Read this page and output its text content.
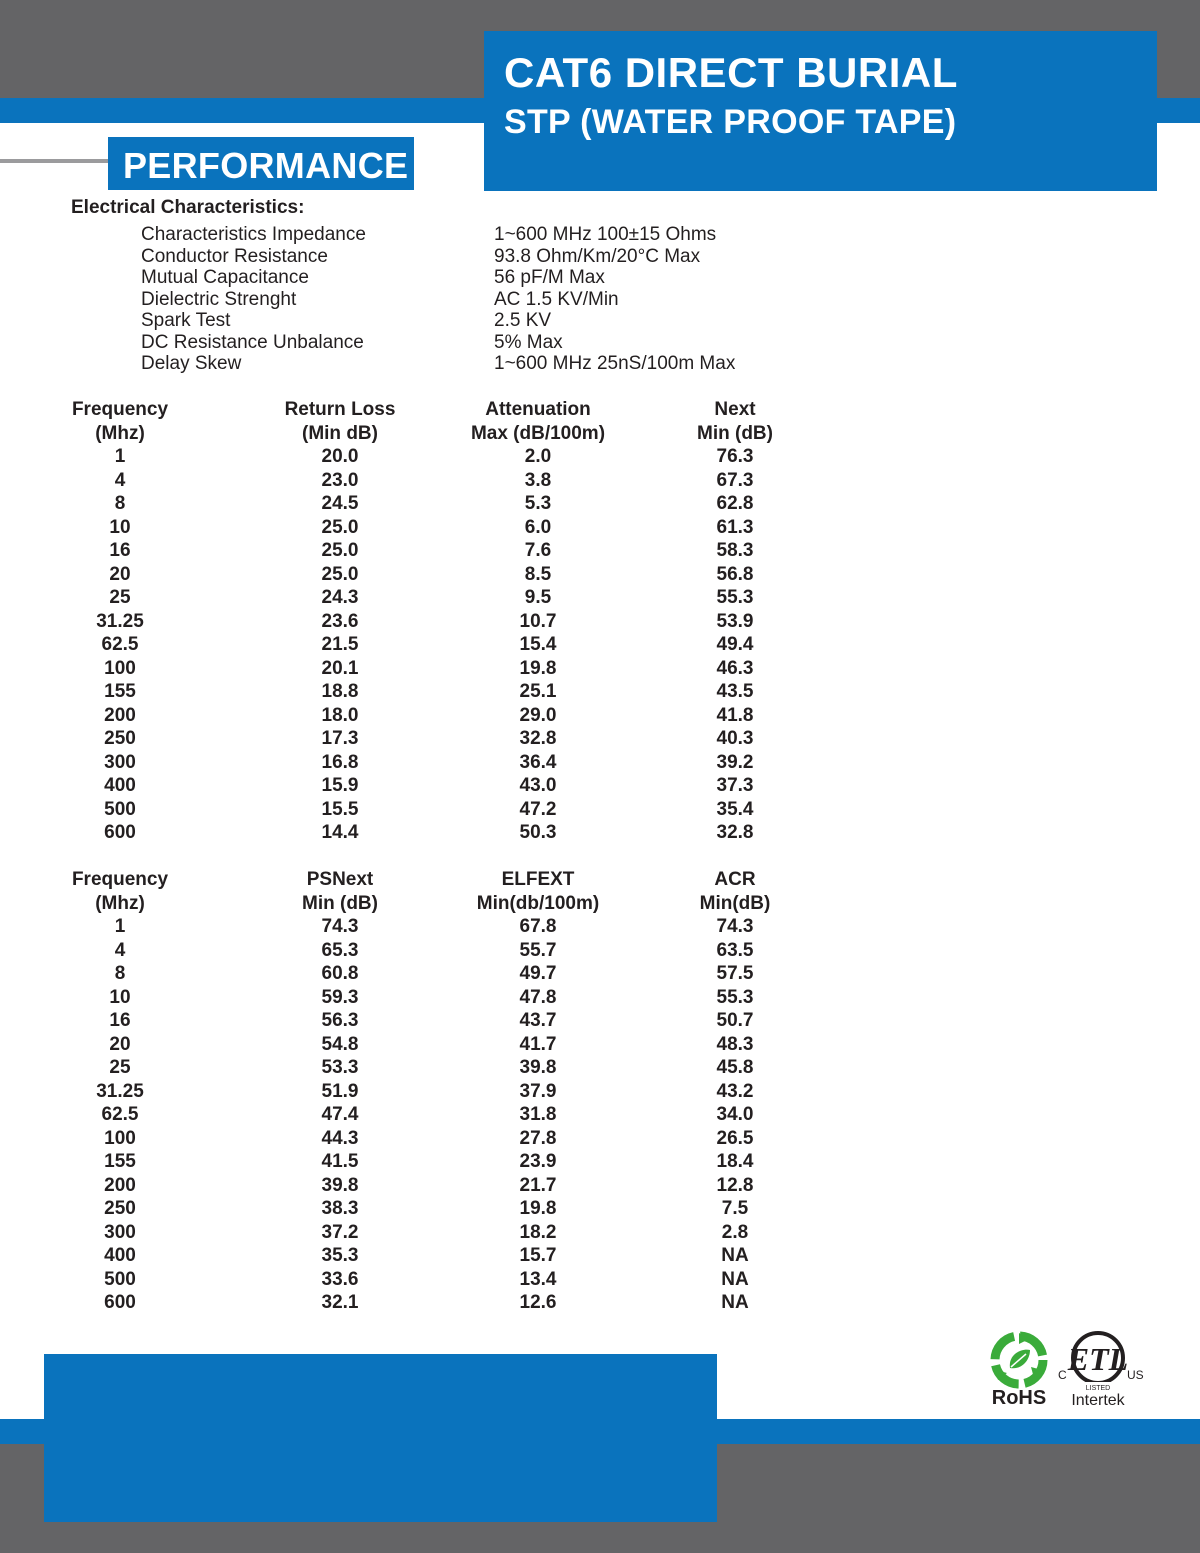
CAT6 DIRECT BURIAL
STP (WATER PROOF TAPE)
PERFORMANCE
Electrical Characteristics:
Characteristics Impedance	1~600 MHz 100±15 Ohms
Conductor Resistance	93.8 Ohm/Km/20°C Max
Mutual Capacitance	56 pF/M Max
Dielectric Strenght	AC 1.5 KV/Min
Spark Test	2.5 KV
DC Resistance Unbalance	5% Max
Delay Skew	1~600 MHz 25nS/100m Max
Frequency	Return Loss	Attenuation	Next
(Mhz)	(Min dB)	Max (dB/100m)	Min (dB)
1	20.0	2.0	76.3
4	23.0	3.8	67.3
8	24.5	5.3	62.8
10	25.0	6.0	61.3
16	25.0	7.6	58.3
20	25.0	8.5	56.8
25	24.3	9.5	55.3
31.25	23.6	10.7	53.9
62.5	21.5	15.4	49.4
100	20.1	19.8	46.3
155	18.8	25.1	43.5
200	18.0	29.0	41.8
250	17.3	32.8	40.3
300	16.8	36.4	39.2
400	15.9	43.0	37.3
500	15.5	47.2	35.4
600	14.4	50.3	32.8
Frequency	PSNext	ELFEXT	ACR
(Mhz)	Min (dB)	Min(db/100m)	Min(dB)
1	74.3	67.8	74.3
4	65.3	55.7	63.5
8	60.8	49.7	57.5
10	59.3	47.8	55.3
16	56.3	43.7	50.7
20	54.8	41.7	48.3
25	53.3	39.8	45.8
31.25	51.9	37.9	43.2
62.5	47.4	31.8	34.0
100	44.3	27.8	26.5
155	41.5	23.9	18.4
200	39.8	21.7	12.8
250	38.3	19.8	7.5
300	37.2	18.2	2.8
400	35.3	15.7	NA
500	33.6	13.4	NA
600	32.1	12.6	NA
RoHS
ETL
LISTED
C	US
Intertek
